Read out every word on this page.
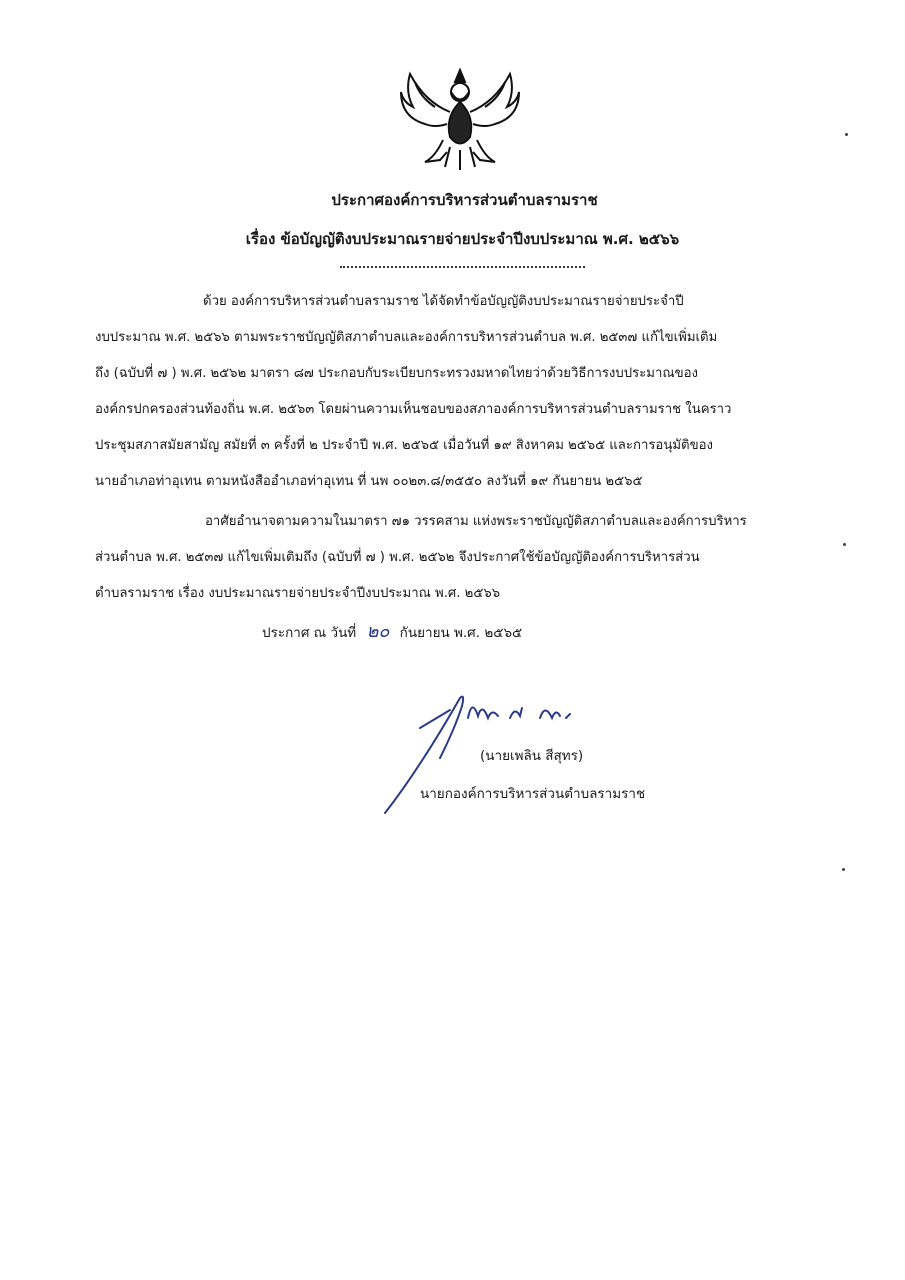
ประกาศองค์การบริหารส่วนตำบลรามราช
เรื่อง ข้อบัญญัติงบประมาณรายจ่ายประจำปีงบประมาณ พ.ศ. ๒๕๖๖
ด้วย องค์การบริหารส่วนตำบลรามราช ได้จัดทำข้อบัญญัติงบประมาณรายจ่ายประจำปี
งบประมาณ พ.ศ. ๒๕๖๖ ตามพระราชบัญญัติสภาตำบลและองค์การบริหารส่วนตำบล พ.ศ. ๒๕๓๗ แก้ไขเพิ่มเติม
ถึง (ฉบับที่ ๗ ) พ.ศ. ๒๕๖๒ มาตรา ๘๗ ประกอบกับระเบียบกระทรวงมหาดไทยว่าด้วยวิธีการงบประมาณของ
องค์กรปกครองส่วนท้องถิ่น พ.ศ. ๒๕๖๓ โดยผ่านความเห็นชอบของสภาองค์การบริหารส่วนตำบลรามราช ในคราว
ประชุมสภาสมัยสามัญ สมัยที่ ๓ ครั้งที่ ๒ ประจำปี พ.ศ. ๒๕๖๕ เมื่อวันที่ ๑๙ สิงหาคม ๒๕๖๕ และการอนุมัติของ
นายอำเภอท่าอุเทน ตามหนังสืออำเภอท่าอุเทน ที่ นพ ๐๐๒๓.๘/๓๕๕๐ ลงวันที่ ๑๙ กันยายน ๒๕๖๕
อาศัยอำนาจตามความในมาตรา ๗๑ วรรคสาม แห่งพระราชบัญญัติสภาตำบลและองค์การบริหาร
ส่วนตำบล พ.ศ. ๒๕๓๗ แก้ไขเพิ่มเติมถึง (ฉบับที่ ๗ ) พ.ศ. ๒๕๖๒ จึงประกาศใช้ข้อบัญญัติองค์การบริหารส่วน
ตำบลรามราช เรื่อง งบประมาณรายจ่ายประจำปีงบประมาณ พ.ศ. ๒๕๖๖
ประกาศ ณ วันที่ ๒๐ กันยายน พ.ศ. ๒๕๖๕
(นายเพลิน สีสุทร)
นายกองค์การบริหารส่วนตำบลรามราช
